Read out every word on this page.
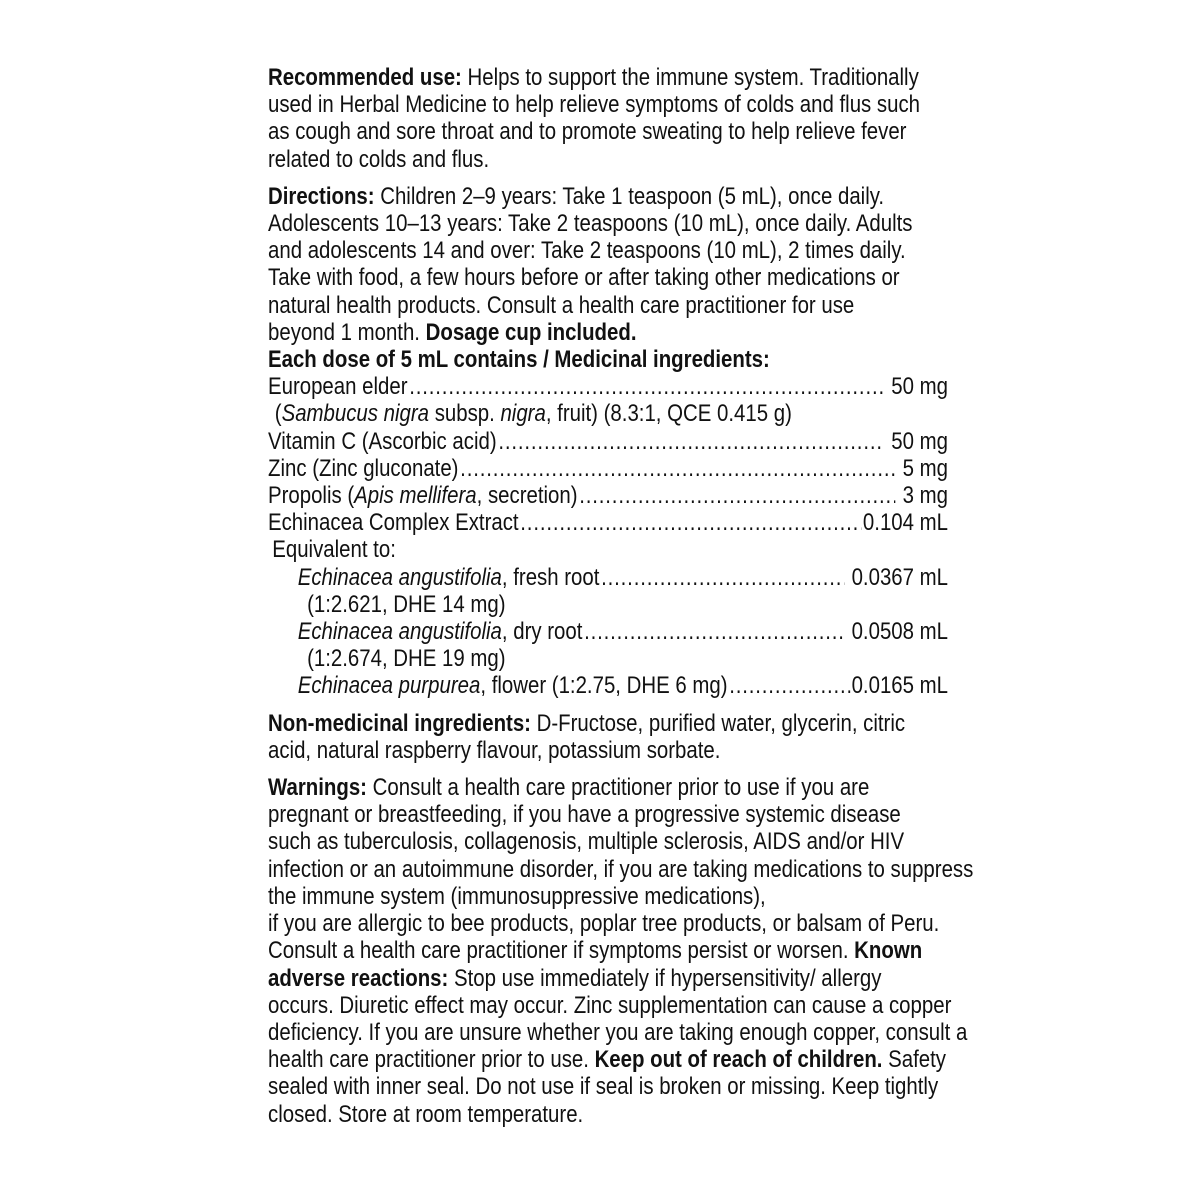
Recommended use: Helps to support the immune system. Traditionally
used in Herbal Medicine to help relieve symptoms of colds and flus such
as cough and sore throat and to promote sweating to help relieve fever
related to colds and flus.
Directions: Children 2–9 years: Take 1 teaspoon (5 mL), once daily.
Adolescents 10–13 years: Take 2 teaspoons (10 mL), once daily. Adults
and adolescents 14 and over: Take 2 teaspoons (10 mL), 2 times daily.
Take with food, a few hours before or after taking other medications or
natural health products. Consult a health care practitioner for use
beyond 1 month. Dosage cup included.
Each dose of 5 mL contains / Medicinal ingredients:
European elder .....	50 mg
(Sambucus nigra subsp. nigra, fruit) (8.3:1, QCE 0.415 g)
Vitamin C (Ascorbic acid) .....	50 mg
Zinc (Zinc gluconate) .....	5 mg
Propolis (Apis mellifera, secretion) .....	3 mg
Echinacea Complex Extract .....	0.104 mL
Equivalent to:
Echinacea angustifolia, fresh root .....	0.0367 mL
(1:2.621, DHE 14 mg)
Echinacea angustifolia, dry root .....	0.0508 mL
(1:2.674, DHE 19 mg)
Echinacea purpurea, flower (1:2.75, DHE 6 mg) .....	0.0165 mL
Non-medicinal ingredients: D-Fructose, purified water, glycerin, citric
acid, natural raspberry flavour, potassium sorbate.
Warnings: Consult a health care practitioner prior to use if you are
pregnant or breastfeeding, if you have a progressive systemic disease
such as tuberculosis, collagenosis, multiple sclerosis, AIDS and/or HIV
infection or an autoimmune disorder, if you are taking medications to suppress
the immune system (immunosuppressive medications),
if you are allergic to bee products, poplar tree products, or balsam of Peru.
Consult a health care practitioner if symptoms persist or worsen. Known
adverse reactions: Stop use immediately if hypersensitivity/ allergy
occurs. Diuretic effect may occur. Zinc supplementation can cause a copper
deficiency. If you are unsure whether you are taking enough copper, consult a
health care practitioner prior to use. Keep out of reach of children. Safety
sealed with inner seal. Do not use if seal is broken or missing. Keep tightly
closed. Store at room temperature.
